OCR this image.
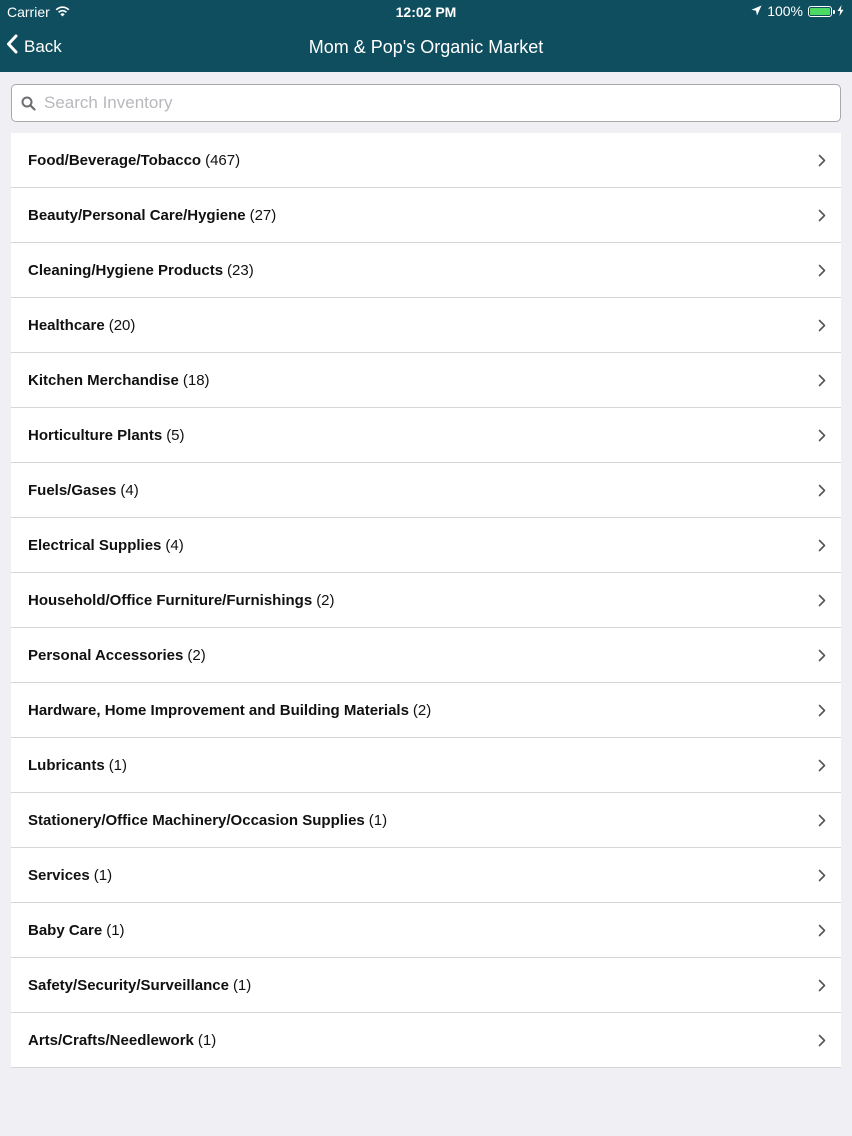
Carrier	12:02 PM	100%
Back	Mom & Pop's Organic Market
Search Inventory
Food/Beverage/Tobacco (467)
Beauty/Personal Care/Hygiene (27)
Cleaning/Hygiene Products (23)
Healthcare (20)
Kitchen Merchandise (18)
Horticulture Plants (5)
Fuels/Gases (4)
Electrical Supplies (4)
Household/Office Furniture/Furnishings (2)
Personal Accessories (2)
Hardware, Home Improvement and Building Materials (2)
Lubricants (1)
Stationery/Office Machinery/Occasion Supplies (1)
Services (1)
Baby Care (1)
Safety/Security/Surveillance (1)
Arts/Crafts/Needlework (1)
